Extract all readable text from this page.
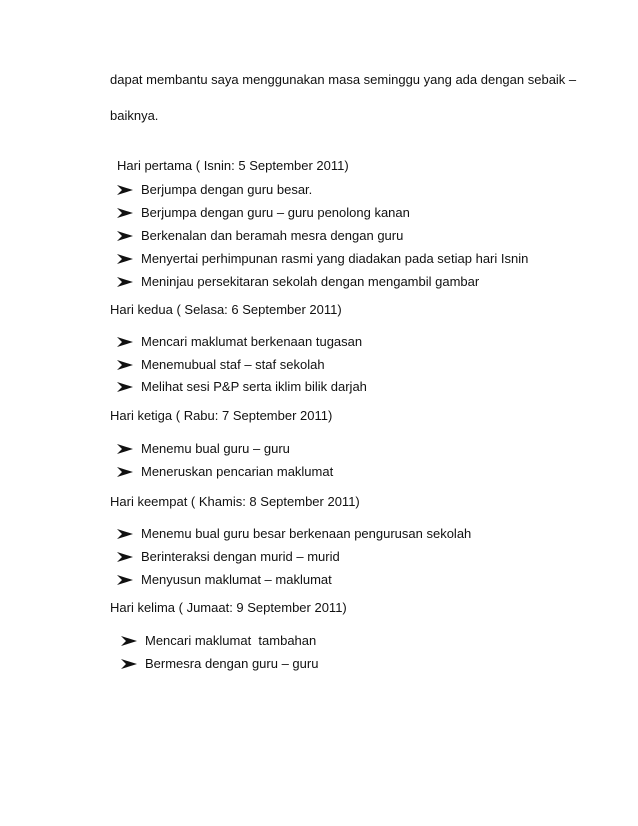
dapat membantu saya menggunakan masa seminggu yang ada dengan sebaik –
baiknya.
Hari pertama ( Isnin: 5 September 2011)
Berjumpa dengan guru besar.
Berjumpa dengan guru – guru penolong kanan
Berkenalan dan beramah mesra dengan guru
Menyertai perhimpunan rasmi yang diadakan pada setiap hari Isnin
Meninjau persekitaran sekolah dengan mengambil gambar
Hari kedua ( Selasa: 6 September 2011)
Mencari maklumat berkenaan tugasan
Menemubual staf – staf sekolah
Melihat sesi P&P serta iklim bilik darjah
Hari ketiga ( Rabu: 7 September 2011)
Menemu bual guru – guru
Meneruskan pencarian maklumat
Hari keempat ( Khamis: 8 September 2011)
Menemu bual guru besar berkenaan pengurusan sekolah
Berinteraksi dengan murid – murid
Menyusun maklumat – maklumat
Hari kelima ( Jumaat: 9 September 2011)
Mencari maklumat  tambahan
Bermesra dengan guru – guru
